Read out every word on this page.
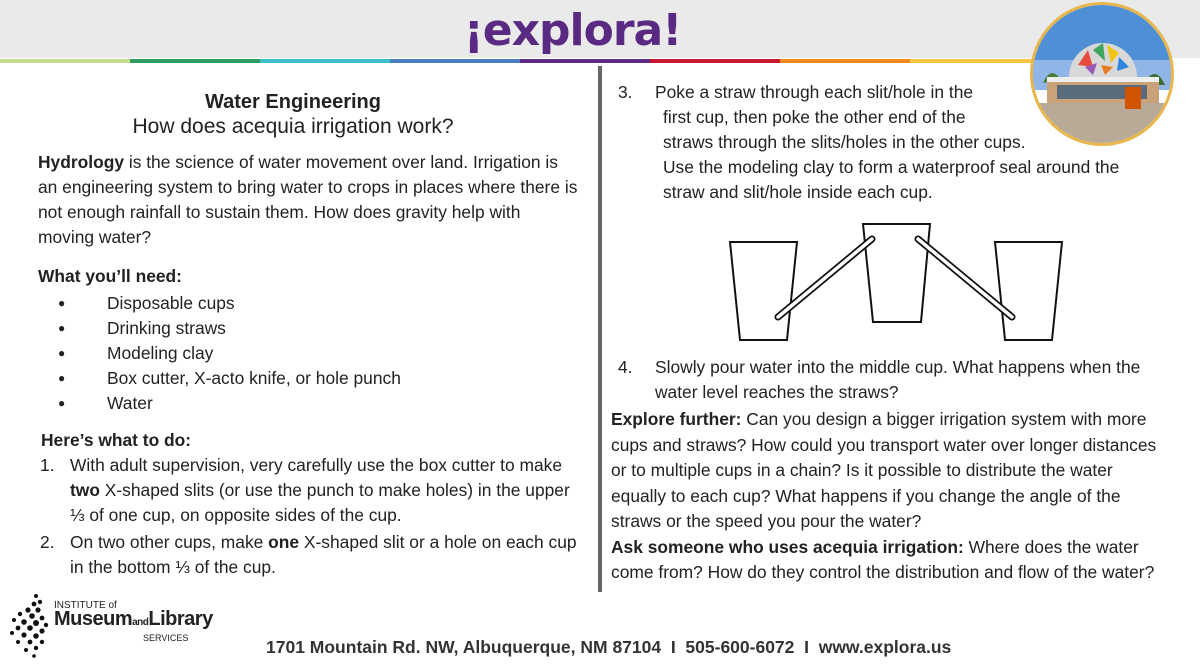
¡explora!
Water Engineering
How does acequia irrigation work?

Hydrology is the science of water movement over land. Irrigation is an engineering system to bring water to crops in places where there is not enough rainfall to sustain them. How does gravity help with moving water?

What you’ll need:
● Disposable cups
● Drinking straws
● Modeling clay
● Box cutter, X-acto knife, or hole punch
● Water
Here’s what to do:
1. With adult supervision, very carefully use the box cutter to make two X-shaped slits (or use the punch to make holes) in the upper ⅓ of one cup, on opposite sides of the cup.
2. On two other cups, make one X-shaped slit or a hole on each cup in the bottom ⅓ of the cup.
3. Poke a straw through each slit/hole in the
first cup, then poke the other end of the
straws through the slits/holes in the other cups.
Use the modeling clay to form a waterproof seal around the
straw and slit/hole inside each cup.
4. Slowly pour water into the middle cup. What happens when the water level reaches the straws?

Explore further: Can you design a bigger irrigation system with more cups and straws? How could you transport water over longer distances or to multiple cups in a chain? Is it possible to distribute the water equally to each cup? What happens if you change the angle of the straws or the speed you pour the water?

Ask someone who uses acequia irrigation: Where does the water come from? How do they control the distribution and flow of the water?

INSTITUTE of
MuseumandLibrary
SERVICES	1701 Mountain Rd. NW, Albuquerque, NM 87104  I  505-600-6072  I  www.explora.us
